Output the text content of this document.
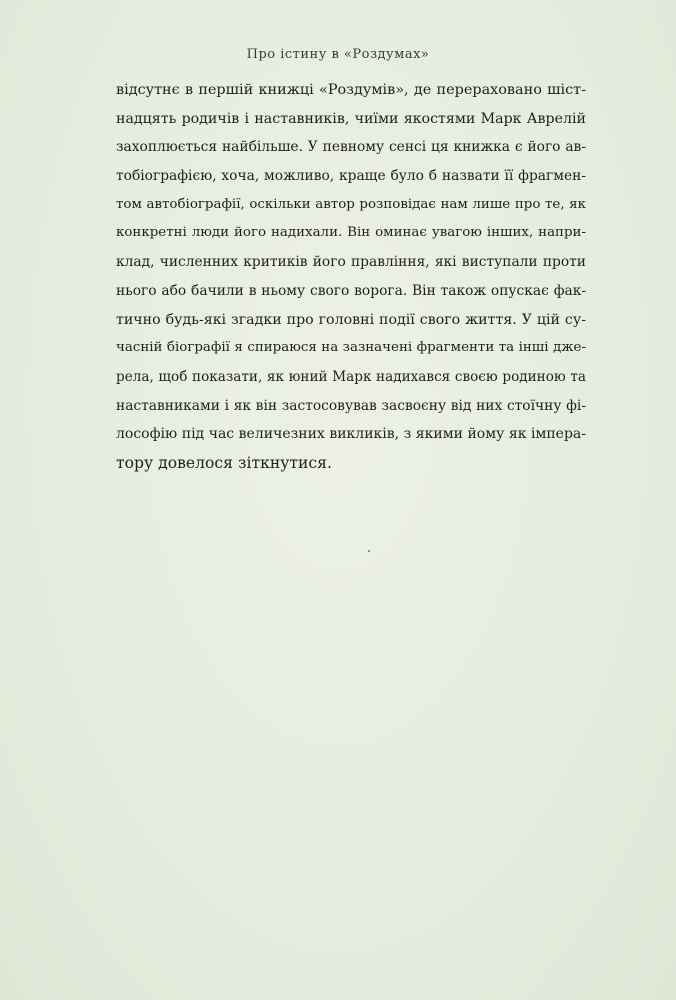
Про істину в «Роздумах»
відсутнє в першій книжці «Роздумів», де перераховано шіст-
надцять родичів і наставників, чиїми якостями Марк Аврелій
захоплюється найбільше. У певному сенсі ця книжка є його ав-
тобіографією, хоча, можливо, краще було б назвати її фрагмен-
том автобіографії, оскільки автор розповідає нам лише про те, як
конкретні люди його надихали. Він оминає увагою інших, напри-
клад, численних критиків його правління, які виступали проти
нього або бачили в ньому свого ворога. Він також опускає фак-
тично будь-які згадки про головні події свого життя. У цій су-
часній біографії я спираюся на зазначені фрагменти та інші дже-
рела, щоб показати, як юний Марк надихався своєю родиною та
наставниками і як він застосовував засвоєну від них стоїчну фі-
лософію під час величезних викликів, з якими йому як імпера-
тору довелося зіткнутися.
